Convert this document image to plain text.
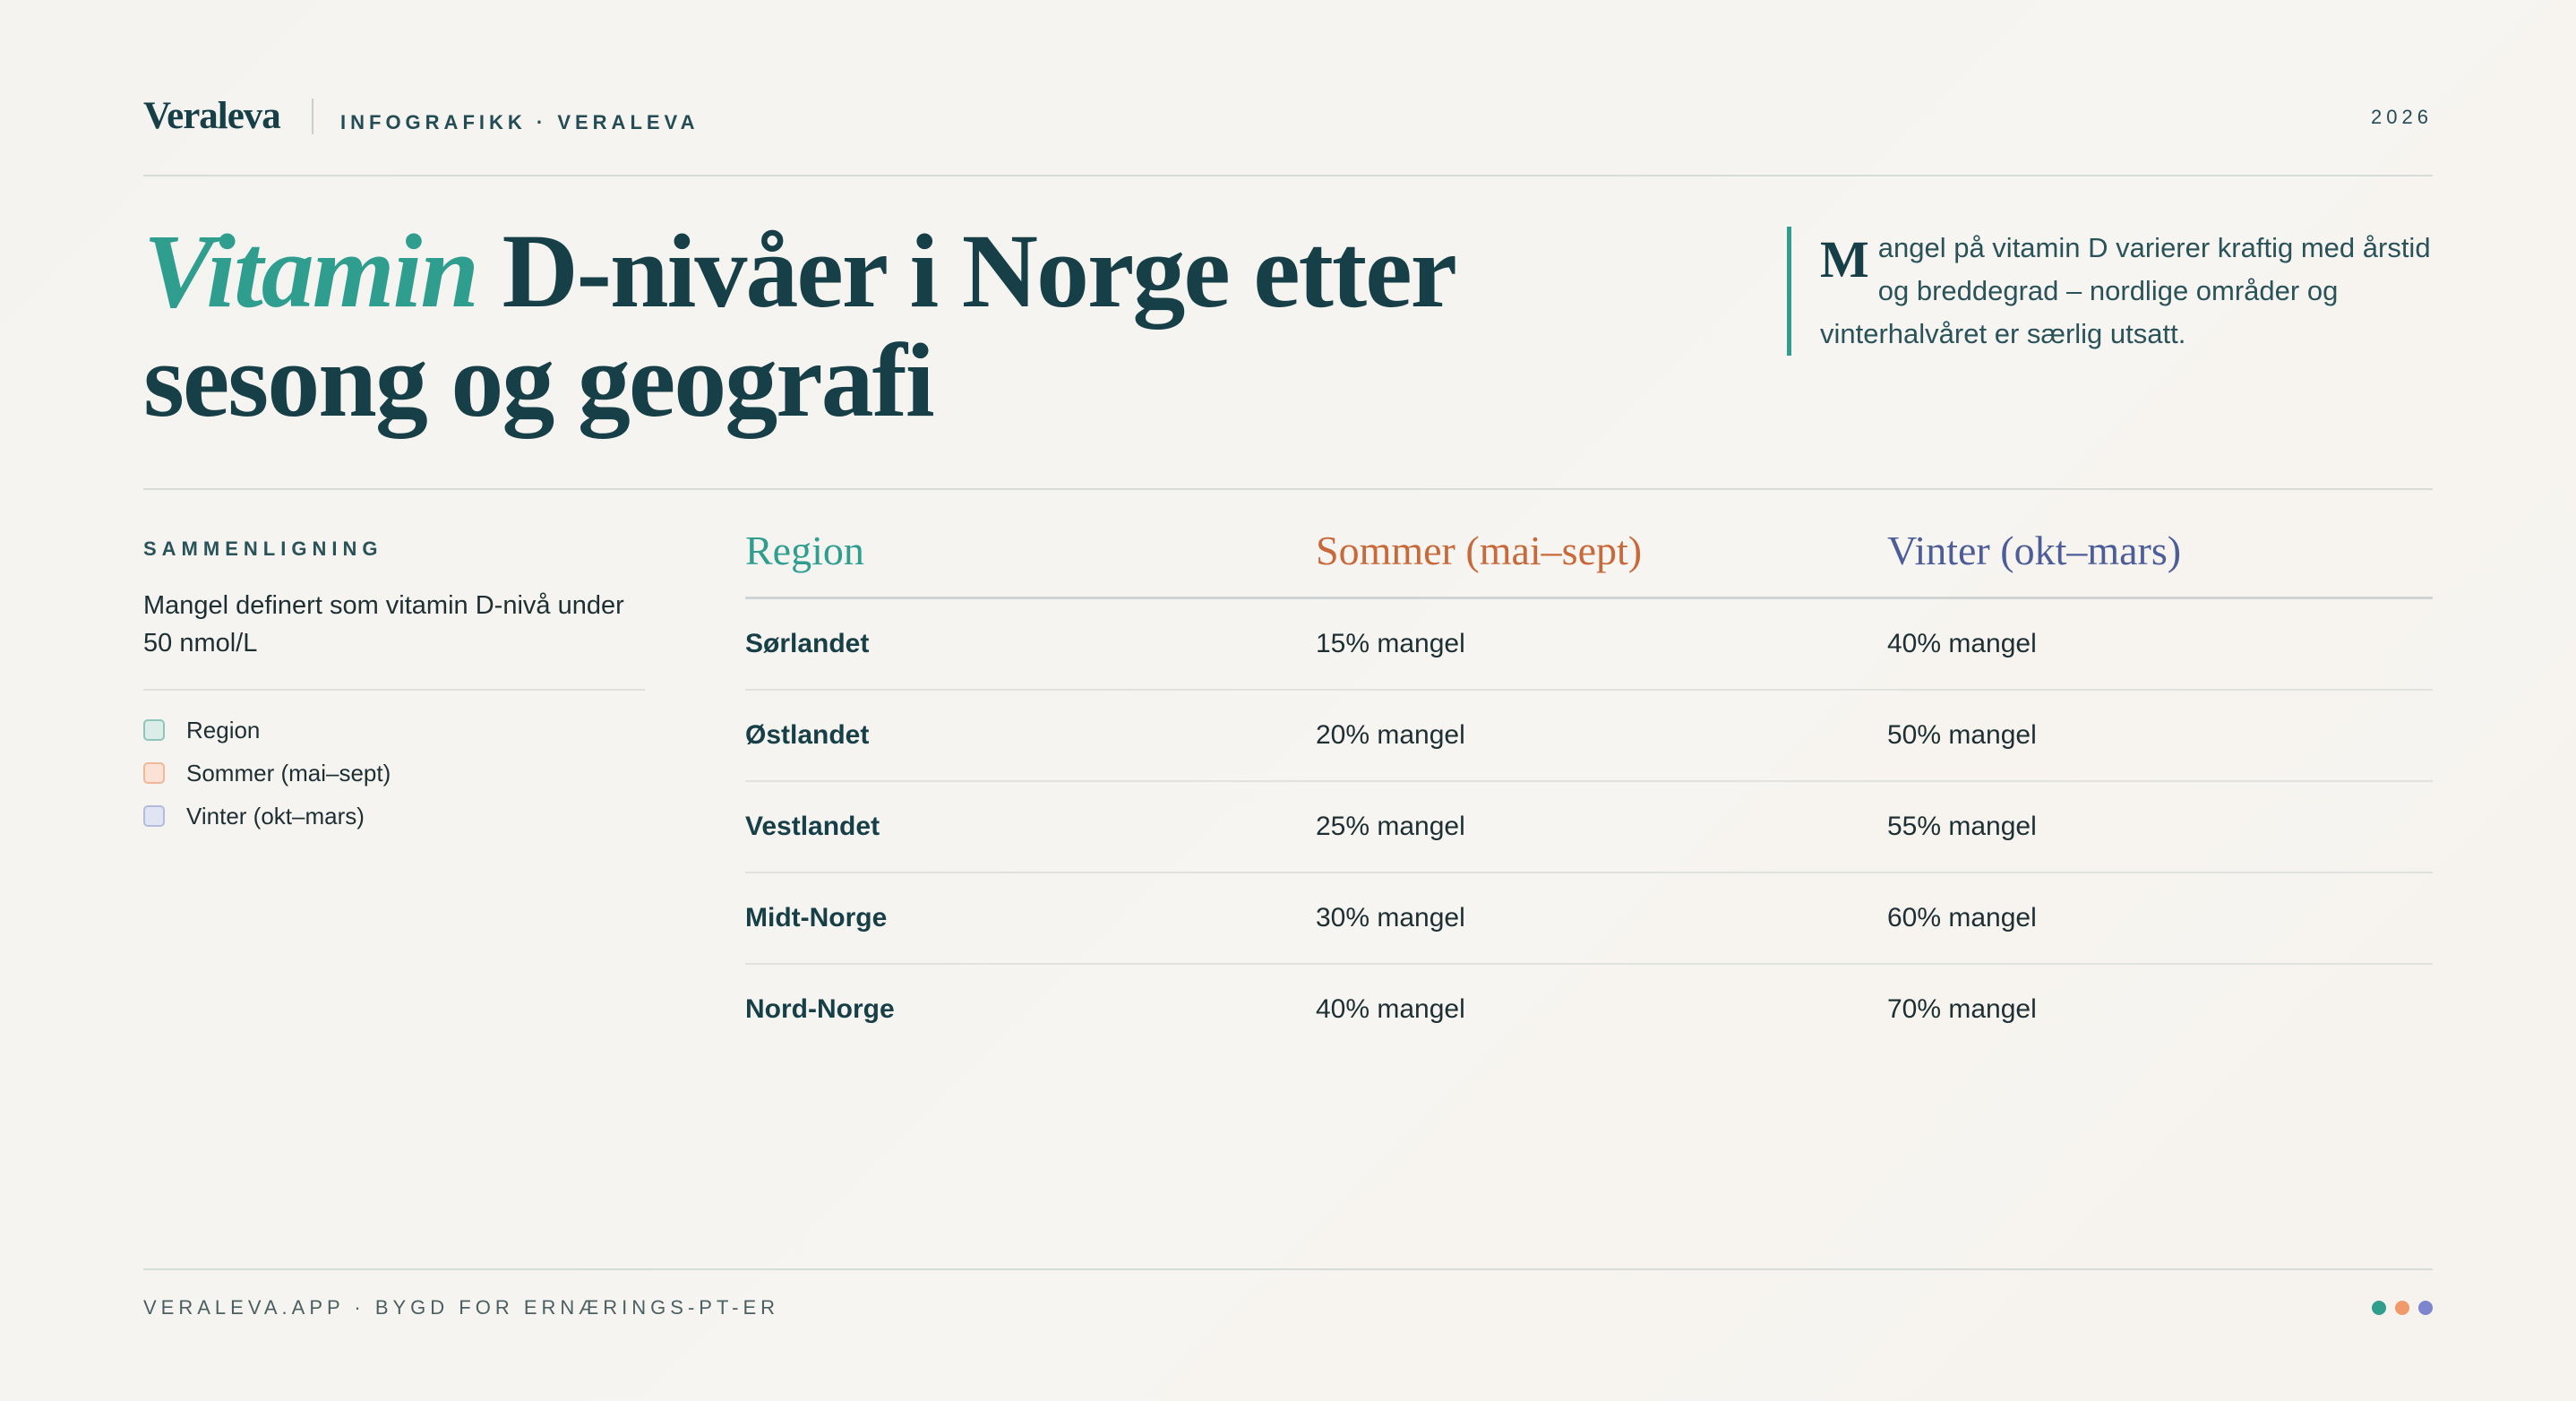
Veraleva	INFOGRAFIKK · VERALEVA	2026
Vitamin D-nivåer i Norge etter sesong og geografi
M angel på vitamin D varierer kraftig med årstid og breddegrad – nordlige områder og vinterhalvåret er særlig utsatt.
SAMMENLIGNING
Mangel definert som vitamin D-nivå under 50 nmol/L
Region
Sommer (mai–sept)
Vinter (okt–mars)
Region	Sommer (mai–sept)	Vinter (okt–mars)
Sørlandet	15% mangel	40% mangel
Østlandet	20% mangel	50% mangel
Vestlandet	25% mangel	55% mangel
Midt-Norge	30% mangel	60% mangel
Nord-Norge	40% mangel	70% mangel
VERALEVA.APP · BYGD FOR ERNÆRINGS-PT-ER
